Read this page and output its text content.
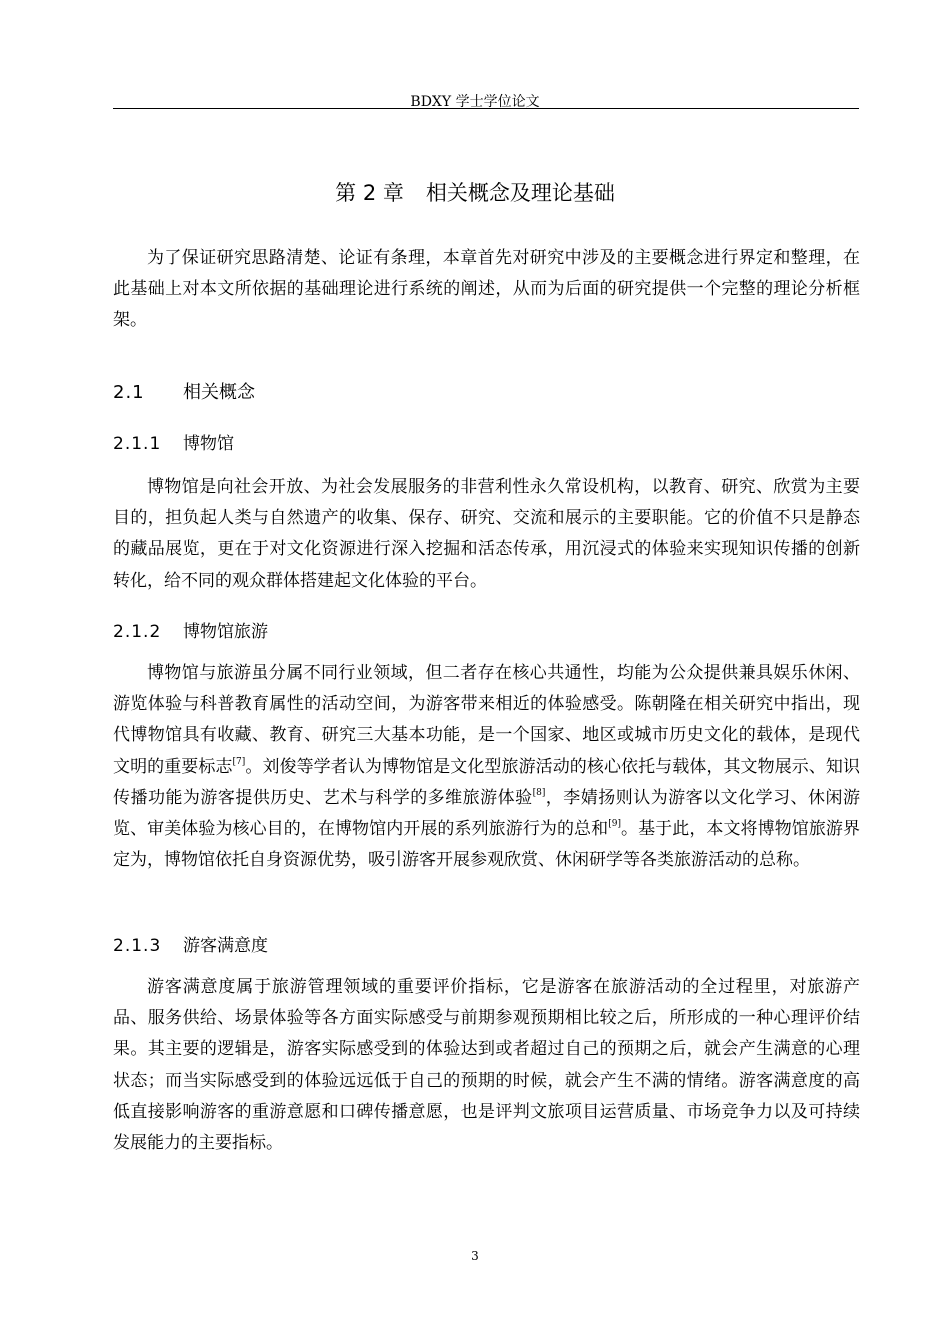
BDXY 学士学位论文
第 2 章 相关概念及理论基础

为了保证研究思路清楚、论证有条理，本章首先对研究中涉及的主要概念进行界定和整理，在此基础上对本文所依据的基础理论进行系统的阐述，从而为后面的研究提供一个完整的理论分析框架。

2.1 相关概念
2.1.1 博物馆

博物馆是向社会开放、为社会发展服务的非营利性永久常设机构，以教育、研究、欣赏为主要目的，担负起人类与自然遗产的收集、保存、研究、交流和展示的主要职能。它的价值不只是静态的藏品展览，更在于对文化资源进行深入挖掘和活态传承，用沉浸式的体验来实现知识传播的创新转化，给不同的观众群体搭建起文化体验的平台。

2.1.2 博物馆旅游

博物馆与旅游虽分属不同行业领域，但二者存在核心共通性，均能为公众提供兼具娱乐休闲、游览体验与科普教育属性的活动空间，为游客带来相近的体验感受。陈朝隆在相关研究中指出，现代博物馆具有收藏、教育、研究三大基本功能，是一个国家、地区或城市历史文化的载体，是现代文明的重要标志[7]。刘俊等学者认为博物馆是文化型旅游活动的核心依托与载体，其文物展示、知识传播功能为游客提供历史、艺术与科学的多维旅游体验[8]，李婧扬则认为游客以文化学习、休闲游览、审美体验为核心目的，在博物馆内开展的系列旅游行为的总和[9]。基于此，本文将博物馆旅游界定为，博物馆依托自身资源优势，吸引游客开展参观欣赏、休闲研学等各类旅游活动的总称。

2.1.3 游客满意度

游客满意度属于旅游管理领域的重要评价指标，它是游客在旅游活动的全过程里，对旅游产品、服务供给、场景体验等各方面实际感受与前期参观预期相比较之后，所形成的一种心理评价结果。其主要的逻辑是，游客实际感受到的体验达到或者超过自己的预期之后，就会产生满意的心理状态；而当实际感受到的体验远远低于自己的预期的时候，就会产生不满的情绪。游客满意度的高低直接影响游客的重游意愿和口碑传播意愿，也是评判文旅项目运营质量、市场竞争力以及可持续发展能力的主要指标。

3
